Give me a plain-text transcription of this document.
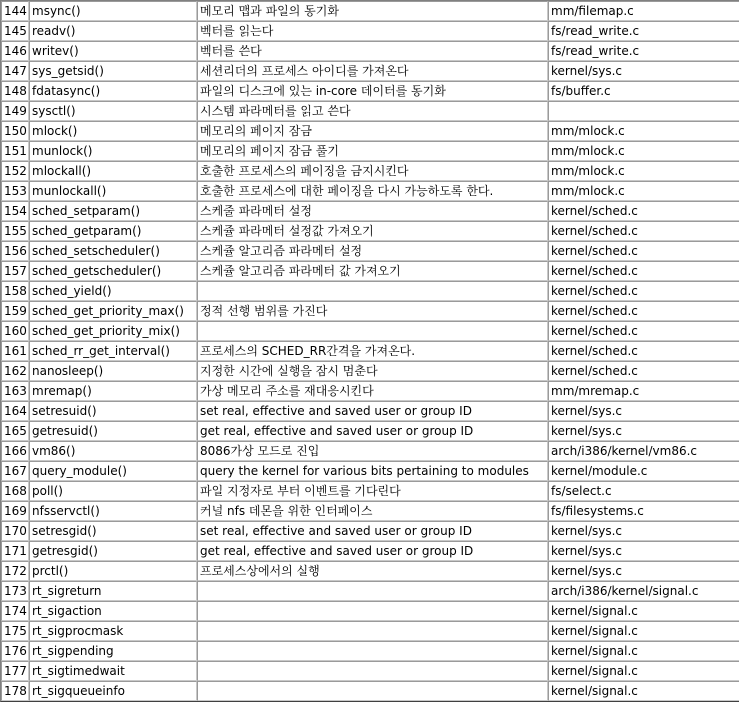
144	msync()	메모리 맵과 파일의 동기화	mm/filemap.c
145	readv()	벡터를 읽는다	fs/read_write.c
146	writev()	벡터를 쓴다	fs/read_write.c
147	sys_getsid()	세션리더의 프로세스 아이디를 가져온다	kernel/sys.c
148	fdatasync()	파일의 디스크에 있는 in-core 데이터를 동기화	fs/buffer.c
149	sysctl()	시스템 파라메터를 읽고 쓴다	
150	mlock()	메모리의 페이지 잠금	mm/mlock.c
151	munlock()	메모리의 페이지 잠금 풀기	mm/mlock.c
152	mlockall()	호출한 프로세스의 페이징을 금지시킨다	mm/mlock.c
153	munlockall()	호출한 프로세스에 대한 페이징을 다시 가능하도록 한다.	mm/mlock.c
154	sched_setparam()	스케줄 파라메터 설정	kernel/sched.c
155	sched_getparam()	스케쥴 파라메터 설정값 가져오기	kernel/sched.c
156	sched_setscheduler()	스케쥴 알고리즘 파라메터 설정	kernel/sched.c
157	sched_getscheduler()	스케쥴 알고리즘 파라메터 값 가져오기	kernel/sched.c
158	sched_yield()		kernel/sched.c
159	sched_get_priority_max()	정적 선행 범위를 가진다	kernel/sched.c
160	sched_get_priority_mix()		kernel/sched.c
161	sched_rr_get_interval()	프로세스의 SCHED_RR간격을 가져온다.	kernel/sched.c
162	nanosleep()	지정한 시간에 실행을 잠시 멈춘다	kernel/sched.c
163	mremap()	가상 메모리 주소를 재대응시킨다	mm/mremap.c
164	setresuid()	set real, effective and saved user or group ID	kernel/sys.c
165	getresuid()	get real, effective and saved user or group ID	kernel/sys.c
166	vm86()	8086가상 모드로 진입	arch/i386/kernel/vm86.c
167	query_module()	query the kernel for various bits pertaining to modules	kernel/module.c
168	poll()	파일 지정자로 부터 이벤트를 기다린다	fs/select.c
169	nfsservctl()	커널 nfs 데몬을 위한 인터페이스	fs/filesystems.c
170	setresgid()	set real, effective and saved user or group ID	kernel/sys.c
171	getresgid()	get real, effective and saved user or group ID	kernel/sys.c
172	prctl()	프로세스상에서의 실행	kernel/sys.c
173	rt_sigreturn		arch/i386/kernel/signal.c
174	rt_sigaction		kernel/signal.c
175	rt_sigprocmask		kernel/signal.c
176	rt_sigpending		kernel/signal.c
177	rt_sigtimedwait		kernel/signal.c
178	rt_sigqueueinfo		kernel/signal.c
